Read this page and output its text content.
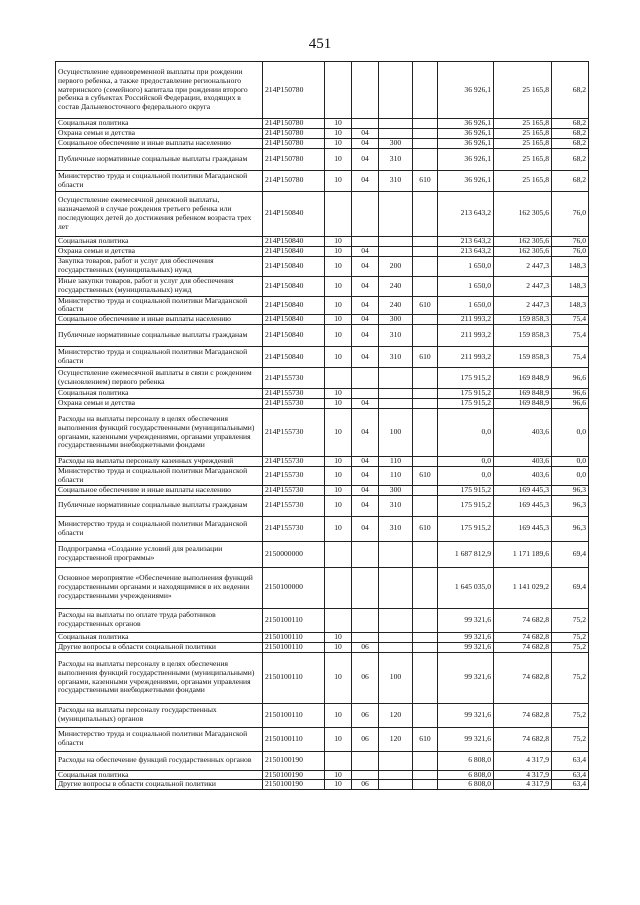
451
Осуществление единовременной выплаты при рождении первого ребенка, а также предоставление регионального материнского (семейного) капитала при рождении второго ребенка в субъектах Российской Федерации, входящих в состав Дальневосточного федерального округа	214P150780					36 926,1	25 165,8	68,2
Социальная политика	214P150780	10				36 926,1	25 165,8	68,2
Охрана семьи и детства	214P150780	10	04			36 926,1	25 165,8	68,2
Социальное обеспечение и иные выплаты населению	214P150780	10	04	300		36 926,1	25 165,8	68,2
Публичные нормативные социальные выплаты гражданам	214P150780	10	04	310		36 926,1	25 165,8	68,2
Министерство труда и социальной политики Магаданской области	214P150780	10	04	310	610	36 926,1	25 165,8	68,2
Осуществление ежемесячной денежной выплаты, назначаемой в случае рождения третьего ребенка или последующих детей до достижения ребенком возраста трех лет	214P150840					213 643,2	162 305,6	76,0
Социальная политика	214P150840	10				213 643,2	162 305,6	76,0
Охрана семьи и детства	214P150840	10	04			213 643,2	162 305,6	76,0
Закупка товаров, работ и услуг для обеспечения государственных (муниципальных) нужд	214P150840	10	04	200		1 650,0	2 447,3	148,3
Иные закупки товаров, работ и услуг для обеспечения государственных (муниципальных) нужд	214P150840	10	04	240		1 650,0	2 447,3	148,3
Министерство труда и социальной политики Магаданской области	214P150840	10	04	240	610	1 650,0	2 447,3	148,3
Социальное обеспечение и иные выплаты населению	214P150840	10	04	300		211 993,2	159 858,3	75,4
Публичные нормативные социальные выплаты гражданам	214P150840	10	04	310		211 993,2	159 858,3	75,4
Министерство труда и социальной политики Магаданской области	214P150840	10	04	310	610	211 993,2	159 858,3	75,4
Осуществление ежемесячной выплаты в связи с рождением (усыновлением) первого ребенка	214P155730					175 915,2	169 848,9	96,6
Социальная политика	214P155730	10				175 915,2	169 848,9	96,6
Охрана семьи и детства	214P155730	10	04			175 915,2	169 848,9	96,6
Расходы на выплаты персоналу в целях обеспечения выполнения функций государственными (муниципальными) органами, казенными учреждениями, органами управления государственными внебюджетными фондами	214P155730	10	04	100		0,0	403,6	0,0
Расходы на выплаты персоналу казенных учреждений	214P155730	10	04	110		0,0	403,6	0,0
Министерство труда и социальной политики Магаданской области	214P155730	10	04	110	610	0,0	403,6	0,0
Социальное обеспечение и иные выплаты населению	214P155730	10	04	300		175 915,2	169 445,3	96,3
Публичные нормативные социальные выплаты гражданам	214P155730	10	04	310		175 915,2	169 445,3	96,3
Министерство труда и социальной политики Магаданской области	214P155730	10	04	310	610	175 915,2	169 445,3	96,3
Подпрограмма «Создание условий для реализации государственной программы»	2150000000					1 687 812,9	1 171 189,6	69,4
Основное мероприятие «Обеспечение выполнения функций государственными органами и находящимися в их ведении государственными учреждениями»	2150100000					1 645 035,0	1 141 029,2	69,4
Расходы на выплаты по оплате труда работников государственных органов	2150100110					99 321,6	74 682,8	75,2
Социальная политика	2150100110	10				99 321,6	74 682,8	75,2
Другие вопросы в области социальной политики	2150100110	10	06			99 321,6	74 682,8	75,2
Расходы на выплаты персоналу в целях обеспечения выполнения функций государственными (муниципальными) органами, казенными учреждениями, органами управления государственными внебюджетными фондами	2150100110	10	06	100		99 321,6	74 682,8	75,2
Расходы на выплаты персоналу государственных (муниципальных) органов	2150100110	10	06	120		99 321,6	74 682,8	75,2
Министерство труда и социальной политики Магаданской области	2150100110	10	06	120	610	99 321,6	74 682,8	75,2
Расходы на обеспечение функций государственных органов	2150100190					6 808,0	4 317,9	63,4
Социальная политика	2150100190	10				6 808,0	4 317,9	63,4
Другие вопросы в области социальной политики	2150100190	10	06			6 808,0	4 317,9	63,4
